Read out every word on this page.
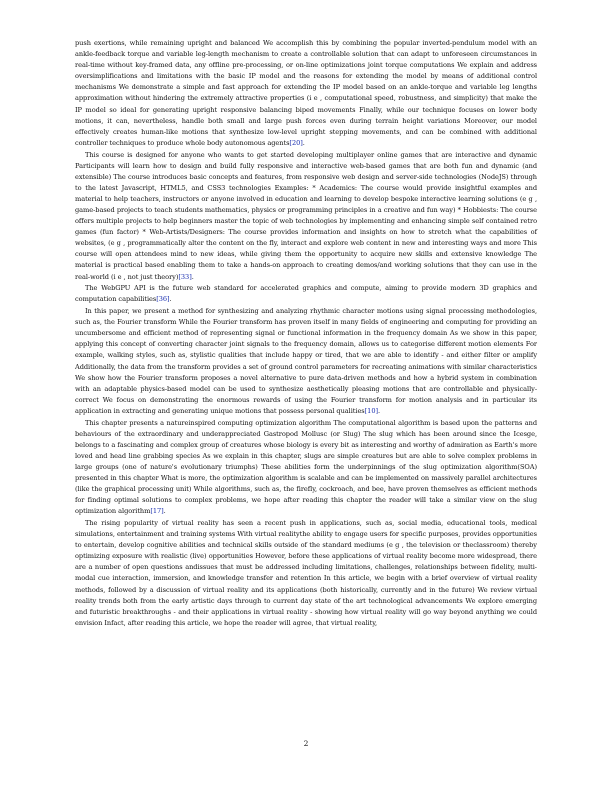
push exertions, while remaining upright and balanced We accomplish this by combining the popular inverted-pendulum model with an ankle-feedback torque and variable leg-length mechanism to create a controllable solution that can adapt to unforeseen circumstances in real-time without key-framed data, any offline pre-processing, or on-line optimizations joint torque computations We explain and address oversimplifications and limitations with the basic IP model and the reasons for extending the model by means of additional control mechanisms We demonstrate a simple and fast approach for extending the IP model based on an ankle-torque and variable leg lengths approximation without hindering the extremely attractive properties (i e , computational speed, robustness, and simplicity) that make the IP model so ideal for generating upright responsive balancing biped movements Finally, while our technique focuses on lower body motions, it can, nevertheless, handle both small and large push forces even during terrain height variations Moreover, our model effectively creates human-like motions that synthesize low-level upright stepping movements, and can be combined with additional controller techniques to produce whole body autonomous agents[20].

This course is designed for anyone who wants to get started developing multiplayer online games that are interactive and dynamic Participants will learn how to design and build fully responsive and interactive web-based games that are both fun and dynamic (and extensible) The course introduces basic concepts and features, from responsive web design and server-side technologies (NodeJS) through to the latest Javascript, HTML5, and CSS3 technologies Examples: * Academics: The course would provide insightful examples and material to help teachers, instructors or anyone involved in education and learning to develop bespoke interactive learning solutions (e g , game-based projects to teach students mathematics, physics or programming principles in a creative and fun way) * Hobbiests: The course offers multiple projects to help beginners master the topic of web technologies by implementing and enhancing simple self contained retro games (fun factor) * Web-Artists/Designers: The course provides information and insights on how to stretch what the capabilities of websites, (e g , programmatically alter the content on the fly, interact and explore web content in new and interesting ways and more This course will open attendees mind to new ideas, while giving them the opportunity to acquire new skills and extensive knowledge The material is practical based enabling them to take a hands-on approach to creating demos/and working solutions that they can use in the real-world (i e , not just theory)[33].

The WebGPU API is the future web standard for accelerated graphics and compute, aiming to provide modern 3D graphics and computation capabilities[36].

In this paper, we present a method for synthesizing and analyzing rhythmic character motions using signal processing methodologies, such as, the Fourier transform While the Fourier transform has proven itself in many fields of engineering and computing for providing an uncumbersome and efficient method of representing signal or functional information in the frequency domain As we show in this paper, applying this concept of converting character joint signals to the frequency domain, allows us to categorise different motion elements For example, walking styles, such as, stylistic qualities that include happy or tired, that we are able to identify - and either filter or amplify Additionally, the data from the transform provides a set of ground control parameters for recreating animations with similar characteristics We show how the Fourier transform proposes a novel alternative to pure data-driven methods and how a hybrid system in combination with an adaptable physics-based model can be used to synthesize aesthetically pleasing motions that are controllable and physically-correct We focus on demonstrating the enormous rewards of using the Fourier transform for motion analysis and in particular its application in extracting and generating unique motions that possess personal qualities[10].

This chapter presents a natureinspired computing optimization algorithm The computational algorithm is based upon the patterns and behaviours of the extraordinary and underappreciated Gastropod Mollusc (or Slug) The slug which has been around since the Icesge, belongs to a fascinating and complex group of creatures whose biology is every bit as interesting and worthy of admiration as Earth's more loved and head line grabbing species As we explain in this chapter, slugs are simple creatures but are able to solve complex problems in large groups (one of nature's evolutionary triumphs) These abilities form the underpinnings of the slug optimization algorithm(SOA) presented in this chapter What is more, the optimization algorithm is scalable and can be implemented on massively parallel architectures (like the graphical processing unit) While algorithms, such as, the firefly, cockroach, and bee, have proven themselves as efficient methods for finding optimal solutions to complex problems, we hope after reading this chapter the reader will take a similar view on the slug optimization algorithm[17].

The rising popularity of virtual reality has seen a recent push in applications, such as, social media, educational tools, medical simulations, entertainment and training systems With virtual realitythe ability to engage users for specific purposes, provides opportunities to entertain, develop cognitive abilities and technical skills outside of the standard mediums (e g , the television or theclassroom) thereby optimizing exposure with realistic (live) opportunities However, before these applications of virtual reality become more widespread, there are a number of open questions andissues that must be addressed including limitations, challenges, relationships between fidelity, multi-modal cue interaction, immersion, and knowledge transfer and retention In this article, we begin with a brief overview of virtual reality methods, followed by a discussion of virtual reality and its applications (both historically, currently and in the future) We review virtual reality trends both from the early artistic days through to current day state of the art technological advancements We explore emerging and futuristic breakthroughs - and their applications in virtual reality - showing how virtual reality will go way beyond anything we could envision Infact, after reading this article, we hope the reader will agree, that virtual reality,

2
